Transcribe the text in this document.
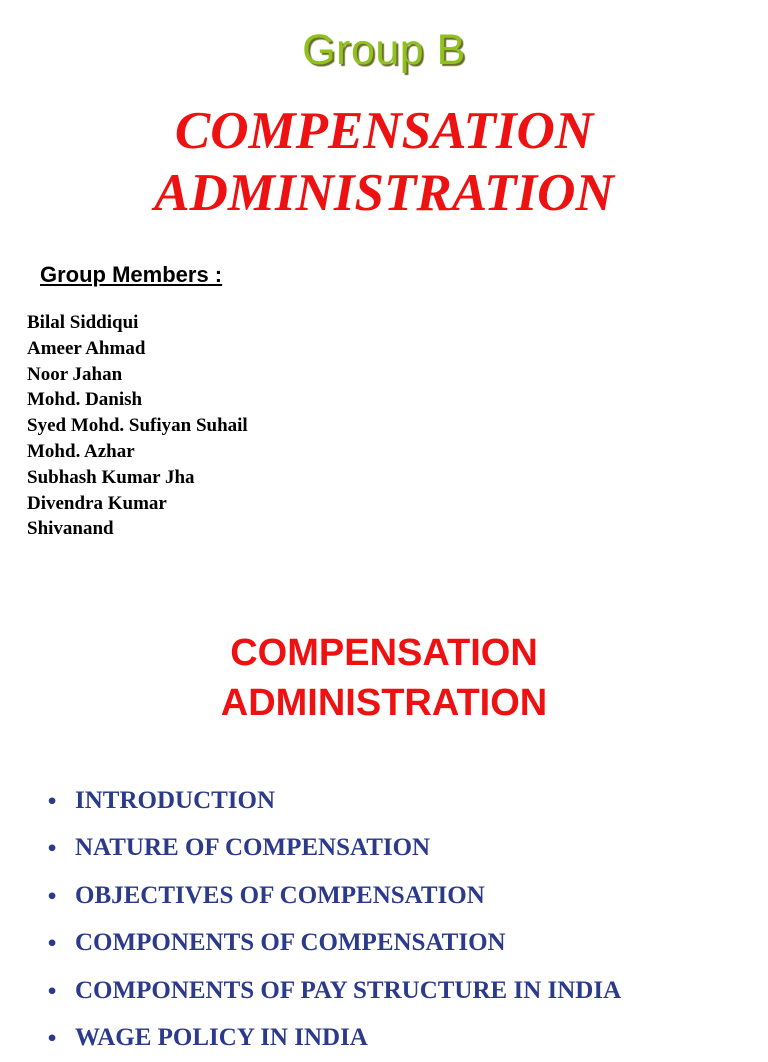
Group B
COMPENSATION
ADMINISTRATION
Group Members :
Bilal Siddiqui
Ameer Ahmad
Noor Jahan
Mohd. Danish
Syed Mohd. Sufiyan Suhail
Mohd. Azhar
Subhash Kumar Jha
Divendra Kumar
Shivanand
COMPENSATION
ADMINISTRATION
• INTRODUCTION
• NATURE OF COMPENSATION
• OBJECTIVES OF COMPENSATION
• COMPONENTS OF COMPENSATION
• COMPONENTS OF PAY STRUCTURE IN INDIA
• WAGE POLICY IN INDIA
